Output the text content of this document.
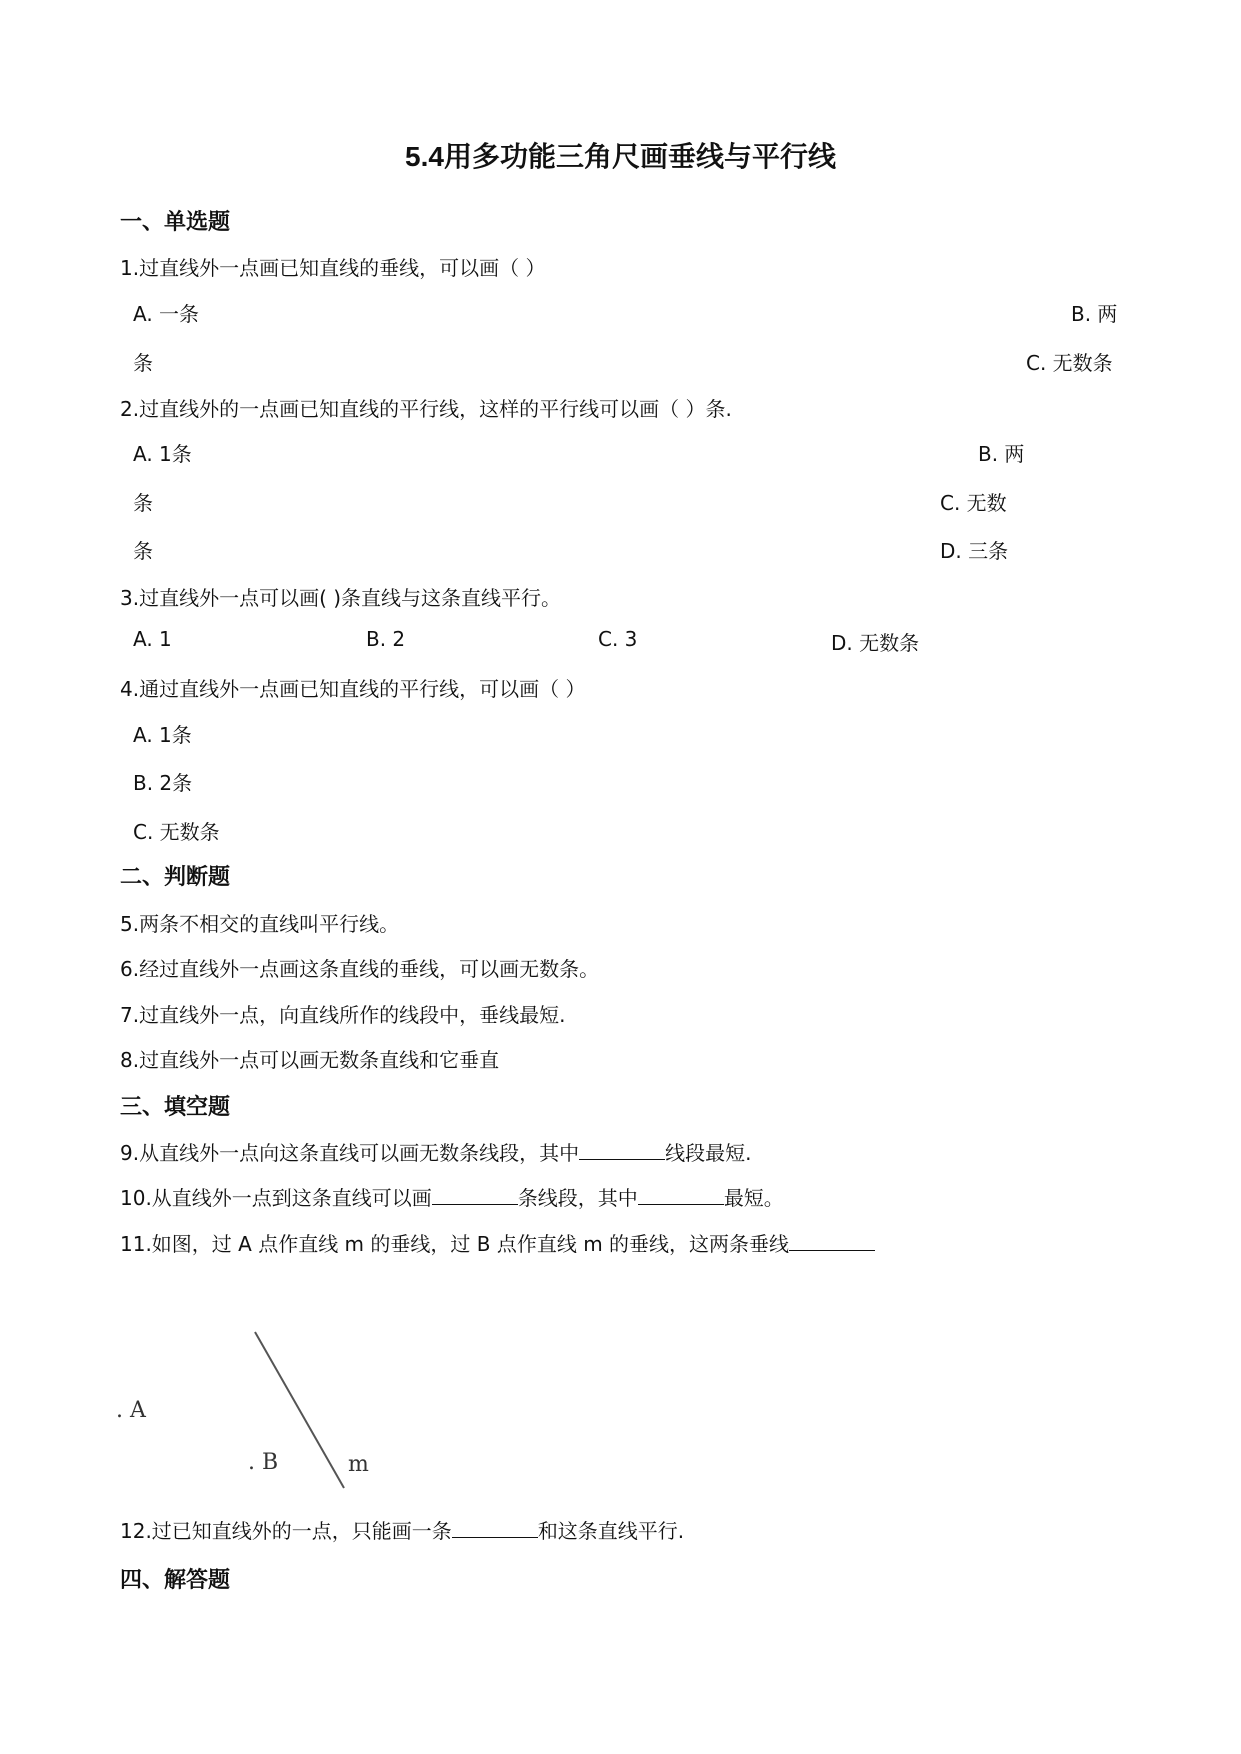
5.4用多功能三角尺画垂线与平行线
一、单选题
1.过直线外一点画已知直线的垂线，可以画（ ）
A. 一条	B. 两
条	C. 无数条
2.过直线外的一点画已知直线的平行线，这样的平行线可以画（ ）条.
A. 1条	B. 两
条	C. 无数
条	D. 三条
3.过直线外一点可以画( )条直线与这条直线平行。
A. 1	B. 2	C. 3	D. 无数条
4.通过直线外一点画已知直线的平行线，可以画（ ）
A. 1条
B. 2条
C. 无数条
二、判断题
5.两条不相交的直线叫平行线。
6.经过直线外一点画这条直线的垂线，可以画无数条。
7.过直线外一点，向直线所作的线段中，垂线最短.
8.过直线外一点可以画无数条直线和它垂直
三、填空题
9.从直线外一点向这条直线可以画无数条线段，其中	线段最短.
10.从直线外一点到这条直线可以画	条线段，其中	最短。
11.如图，过 A 点作直线 m 的垂线，过 B 点作直线 m 的垂线，这两条垂线
. A
. B	m
12.过已知直线外的一点，只能画一条	和这条直线平行.
四、解答题
